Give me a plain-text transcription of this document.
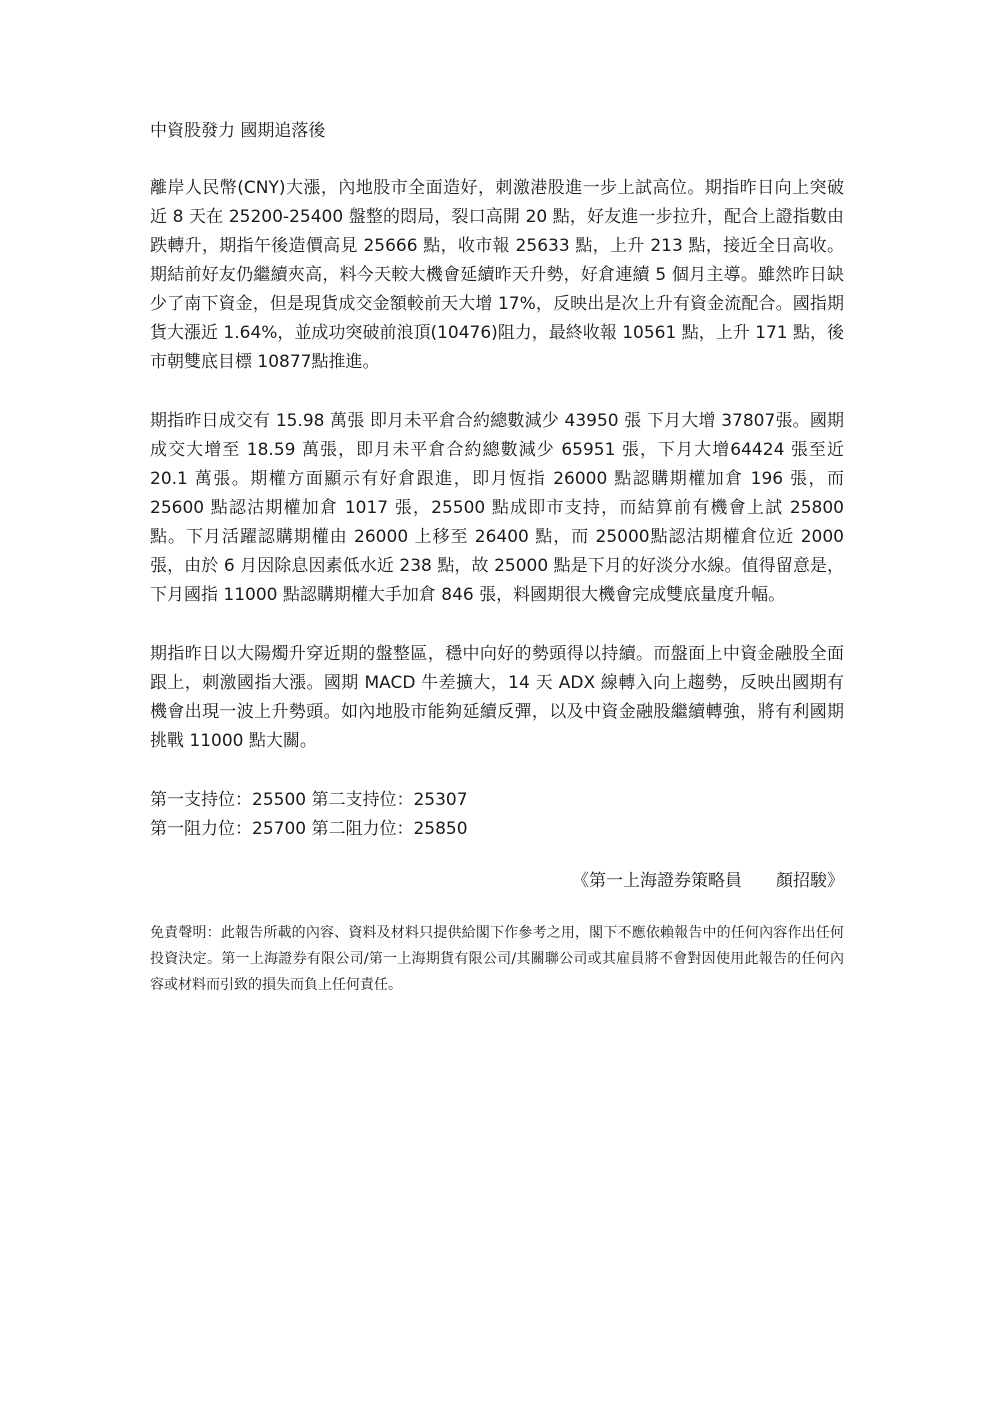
中資股發力 國期追落後

離岸人民幣(CNY)大漲，內地股市全面造好，刺激港股進一步上試高位。期指昨日向上突破近 8 天在 25200-25400 盤整的悶局，裂口高開 20 點，好友進一步拉升，配合上證指數由跌轉升，期指午後造價高見 25666 點，收市報 25633 點，上升 213 點，接近全日高收。期結前好友仍繼續夾高，料今天較大機會延續昨天升勢，好倉連續 5 個月主導。雖然昨日缺少了南下資金，但是現貨成交金額較前天大增 17%，反映出是次上升有資金流配合。國指期貨大漲近 1.64%，並成功突破前浪頂(10476)阻力，最終收報 10561 點，上升 171 點，後市朝雙底目標 10877點推進。

期指昨日成交有 15.98 萬張 即月未平倉合約總數減少 43950 張 下月大增 37807張。國期成交大增至 18.59 萬張，即月未平倉合約總數減少 65951 張，下月大增64424 張至近 20.1 萬張。期權方面顯示有好倉跟進，即月恆指 26000 點認購期權加倉 196 張，而 25600 點認沽期權加倉 1017 張，25500 點成即市支持，而結算前有機會上試 25800 點。下月活躍認購期權由 26000 上移至 26400 點，而 25000點認沽期權倉位近 2000 張，由於 6 月因除息因素低水近 238 點，故 25000 點是下月的好淡分水線。值得留意是，下月國指 11000 點認購期權大手加倉 846 張，料國期很大機會完成雙底量度升幅。

期指昨日以大陽燭升穿近期的盤整區，穩中向好的勢頭得以持續。而盤面上中資金融股全面跟上，刺激國指大漲。國期 MACD 牛差擴大，14 天 ADX 線轉入向上趨勢，反映出國期有機會出現一波上升勢頭。如內地股市能夠延續反彈，以及中資金融股繼續轉強，將有利國期挑戰 11000 點大關。

第一支持位：25500 第二支持位：25307
第一阻力位：25700 第二阻力位：25850
《第一上海證券策略員　　顏招駿》

免責聲明：此報告所載的內容、資料及材料只提供給閣下作參考之用，閣下不應依賴報告中的任何內容作出任何投資決定。第一上海證券有限公司/第一上海期貨有限公司/其關聯公司或其雇員將不會對因使用此報告的任何內容或材料而引致的損失而負上任何責任。
